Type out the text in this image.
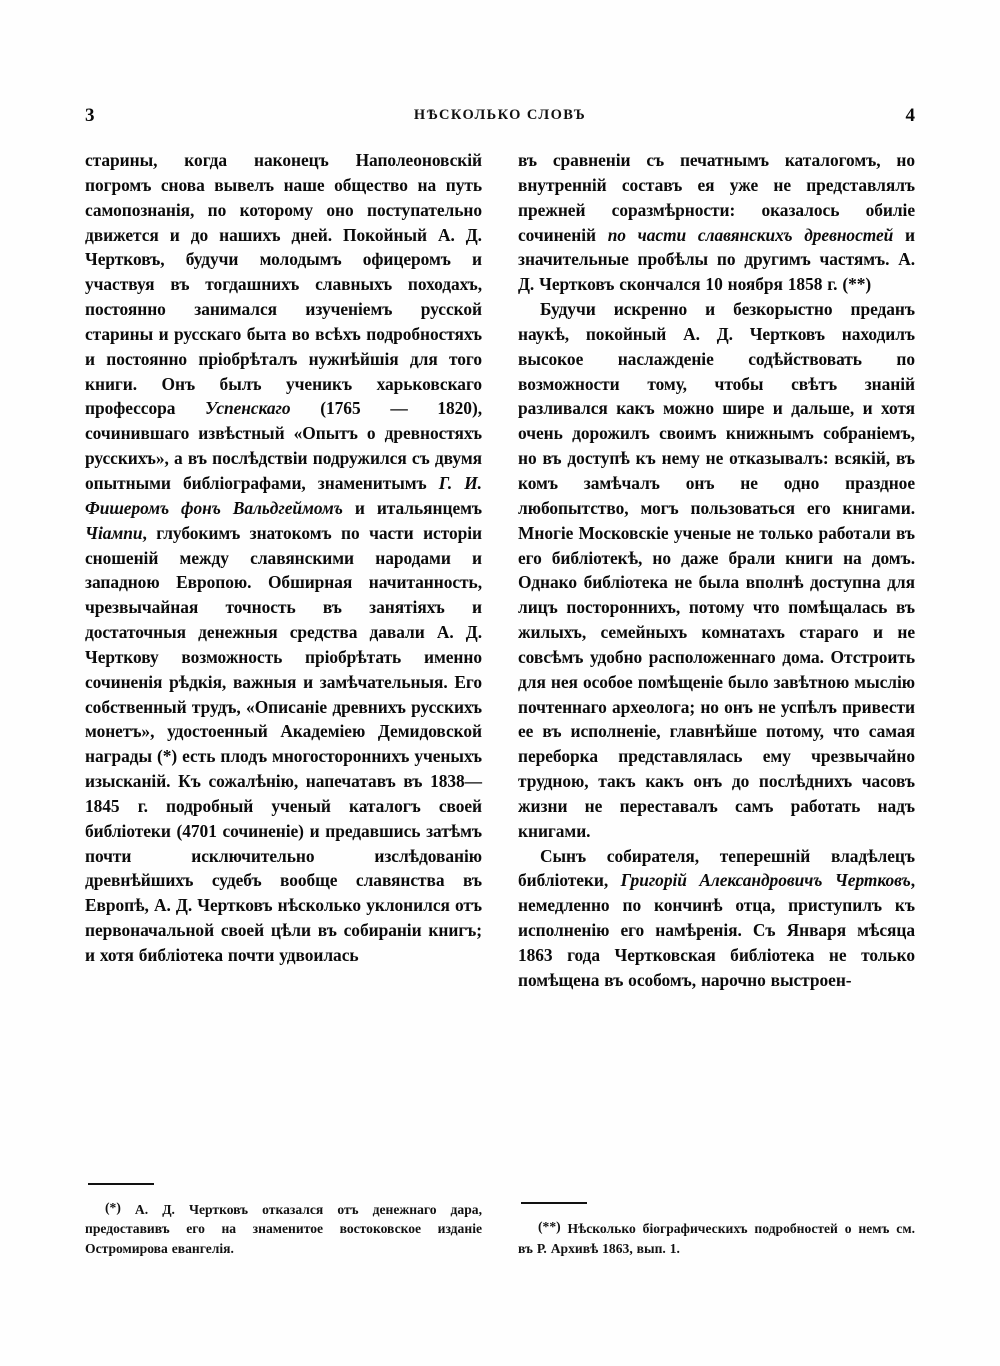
3	НѢСКОЛЬКО СЛОВЪ	4

старины, когда наконецъ Наполеоновскій погромъ снова вывелъ наше общество на путь самопознанія, по которому оно поступательно движется и до нашихъ дней. Покойный А. Д. Чертковъ, будучи молодымъ офицеромъ и участвуя въ тогдашнихъ славныхъ походахъ, постоянно занимался изученіемъ русской старины и русскаго быта во всѣхъ подробностяхъ и постоянно пріобрѣталъ нужнѣйшія для того книги. Онъ былъ ученикъ харьковскаго профессора Успенскаго (1765 — 1820), сочинившаго извѣстный «Опытъ о древностяхъ русскихъ», а въ послѣдствіи подружился съ двумя опытными библіографами, знаменитымъ Г. И. Фишеромъ фонъ Вальдгеймомъ и итальянцемъ Чіампи, глубокимъ знатокомъ по части исторіи сношеній между славянскими народами и западною Европою. Обширная начитанность, чрезвычайная точность въ занятіяхъ и достаточныя денежныя средства давали А. Д. Черткову возможность пріобрѣтать именно сочиненія рѣдкія, важныя и замѣчательныя. Его собственный трудъ, «Описаніе древнихъ русскихъ монетъ», удостоенный Академіею Демидовской награды (*) есть плодъ многостороннихъ ученыхъ изысканій. Къ сожалѣнію, напечатавъ въ 1838—1845 г. подробный ученый каталогъ своей библіотеки (4701 сочиненіе) и предавшись затѣмъ почти исключительно изслѣдованію древнѣйшихъ судебъ вообще славянства въ Европѣ, А. Д. Чертковъ нѣсколько уклонился отъ первоначальной своей цѣли въ собираніи книгъ; и хотя библіотека почти удвоилась

(*) А. Д. Чертковъ отказался отъ денежнаго дара, предоставивъ его на знаменитое востоковское изданіе Остромирова евангелія.

въ сравненіи съ печатнымъ каталогомъ, но внутренній составъ ея уже не представлялъ прежней соразмѣрности: оказалось обиліе сочиненій по части славянскихъ древностей и значительные пробѣлы по другимъ частямъ. А. Д. Чертковъ скончался 10 ноября 1858 г. (**)

Будучи искренно и безкорыстно преданъ наукѣ, покойный А. Д. Чертковъ находилъ высокое наслажденіе содѣйствовать по возможности тому, чтобы свѣтъ знаній разливался какъ можно шире и дальше, и хотя очень дорожилъ своимъ книжнымъ собраніемъ, но въ доступѣ къ нему не отказывалъ: всякій, въ комъ замѣчалъ онъ не одно праздное любопытство, могъ пользоваться его книгами. Многіе Московскіе ученые не только работали въ его библіотекѣ, но даже брали книги на домъ. Однако библіотека не была вполнѣ доступна для лицъ постороннихъ, потому что помѣщалась въ жилыхъ, семейныхъ комнатахъ стараго и не совсѣмъ удобно расположеннаго дома. Отстроить для нея особое помѣщеніе было завѣтною мыслію почтеннаго археолога; но онъ не успѣлъ привести ее въ исполненіе, главнѣйше потому, что самая переборка представлялась ему чрезвычайно трудною, такъ какъ онъ до послѣднихъ часовъ жизни не переставалъ самъ работать надъ книгами.

Сынъ собирателя, теперешній владѣлецъ библіотеки, Григорій Александровичъ Чертковъ, немедленно по кончинѣ отца, приступилъ къ исполненію его намѣренія. Съ Января мѣсяца 1863 года Чертковская библіотека не только помѣщена въ особомъ, нарочно выстроен-

(**) Нѣсколько біографическихъ подробностей о немъ см. въ Р. Архивѣ 1863, вып. 1.
